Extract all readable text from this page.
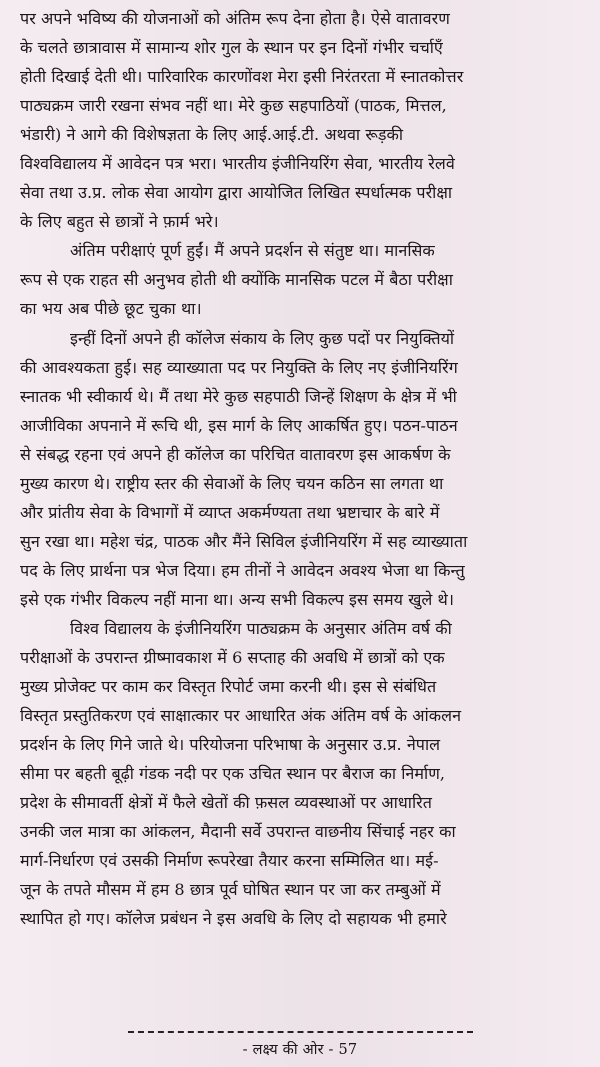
पर अपने भविष्य की योजनाओं को अंतिम रूप देना होता है। ऐसे वातावरण
के चलते छात्रावास में सामान्य शोर गुल के स्थान पर इन दिनों गंभीर चर्चाएँ
होती दिखाई देती थी। पारिवारिक कारणोंवश मेरा इसी निरंतरता में स्नातकोत्तर
पाठ्यक्रम जारी रखना संभव नहीं था। मेरे कुछ सहपाठियों (पाठक, मित्तल,
भंडारी) ने आगे की विशेषज्ञता के लिए आई.आई.टी. अथवा रूड़की
विश्वविद्यालय में आवेदन पत्र भरा। भारतीय इंजीनियरिंग सेवा, भारतीय रेलवे
सेवा तथा उ.प्र. लोक सेवा आयोग द्वारा आयोजित लिखित स्पर्धात्मक परीक्षा
के लिए बहुत से छात्रों ने फ़ार्म भरे।
अंतिम परीक्षाएं पूर्ण हुईं। मैं अपने प्रदर्शन से संतुष्ट था। मानसिक
रूप से एक राहत सी अनुभव होती थी क्योंकि मानसिक पटल में बैठा परीक्षा
का भय अब पीछे छूट चुका था।
इन्हीं दिनों अपने ही कॉलेज संकाय के लिए कुछ पदों पर नियुक्तियों
की आवश्यकता हुई। सह व्याख्याता पद पर नियुक्ति के लिए नए इंजीनियरिंग
स्नातक भी स्वीकार्य थे। मैं तथा मेरे कुछ सहपाठी जिन्हें शिक्षण के क्षेत्र में भी
आजीविका अपनाने में रूचि थी, इस मार्ग के लिए आकर्षित हुए। पठन-पाठन
से संबद्ध रहना एवं अपने ही कॉलेज का परिचित वातावरण इस आकर्षण के
मुख्य कारण थे। राष्ट्रीय स्तर की सेवाओं के लिए चयन कठिन सा लगता था
और प्रांतीय सेवा के विभागों में व्याप्त अकर्मण्यता तथा भ्रष्टाचार के बारे में
सुन रखा था। महेश चंद्र, पाठक और मैंने सिविल इंजीनियरिंग में सह व्याख्याता
पद के लिए प्रार्थना पत्र भेज दिया। हम तीनों ने आवेदन अवश्य भेजा था किन्तु
इसे एक गंभीर विकल्प नहीं माना था। अन्य सभी विकल्प इस समय खुले थे।
विश्व विद्यालय के इंजीनियरिंग पाठ्यक्रम के अनुसार अंतिम वर्ष की
परीक्षाओं के उपरान्त ग्रीष्मावकाश में 6 सप्ताह की अवधि में छात्रों को एक
मुख्य प्रोजेक्ट पर काम कर विस्तृत रिपोर्ट जमा करनी थी। इस से संबंधित
विस्तृत प्रस्तुतिकरण एवं साक्षात्कार पर आधारित अंक अंतिम वर्ष के आंकलन
प्रदर्शन के लिए गिने जाते थे। परियोजना परिभाषा के अनुसार उ.प्र. नेपाल
सीमा पर बहती बूढ़ी गंडक नदी पर एक उचित स्थान पर बैराज का निर्माण,
प्रदेश के सीमावर्ती क्षेत्रों में फैले खेतों की फ़सल व्यवस्थाओं पर आधारित
उनकी जल मात्रा का आंकलन, मैदानी सर्वे उपरान्त वाछनीय सिंचाई नहर का
मार्ग-निर्धारण एवं उसकी निर्माण रूपरेखा तैयार करना सम्मिलित था। मई-
जून के तपते मौसम में हम 8 छात्र पूर्व घोषित स्थान पर जा कर तम्बुओं में
स्थापित हो गए। कॉलेज प्रबंधन ने इस अवधि के लिए दो सहायक भी हमारे
- लक्ष्य की ओर - 57
